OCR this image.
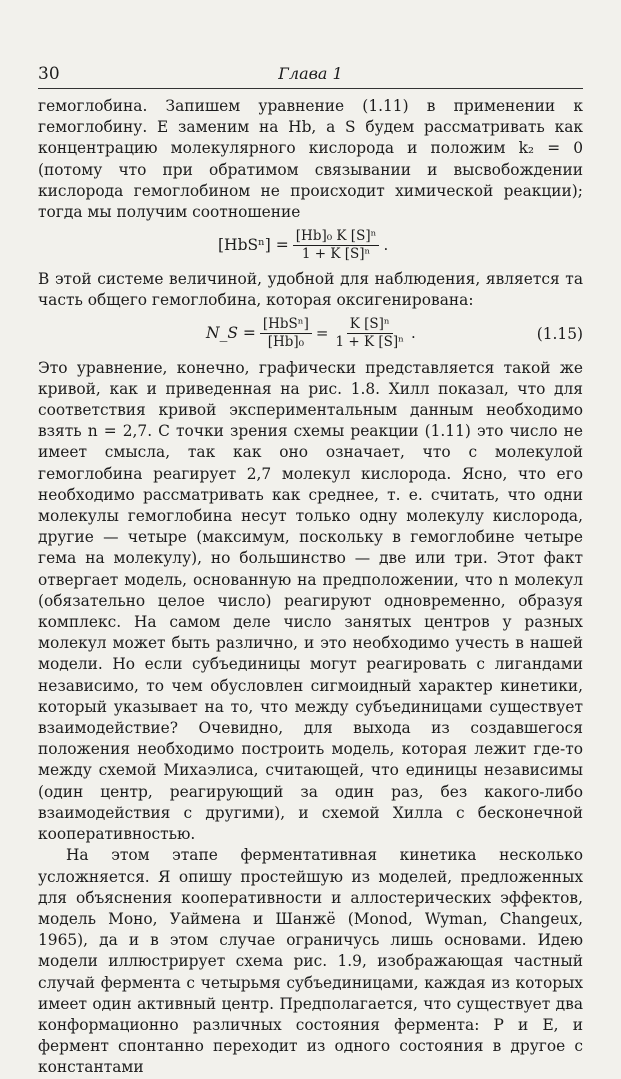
30	Глава 1

гемоглобина. Запишем уравнение (1.11) в применении к гемоглобину. E заменим на Hb, а S будем рассматривать как концентрацию молекулярного кислорода и положим k₂ = 0 (потому что при обратимом связывании и высвобождении кислорода гемоглобином не происходит химической реакции); тогда мы получим соотношение

$[HbS^n] = \frac{\text{[Hb]₀ K [S]ⁿ}}{\text{1 + K [S]ⁿ}}$ .

В этой системе величиной, удобной для наблюдения, является та часть общего гемоглобина, которая оксигенирована:

N_S = $\frac{\text{[HbSⁿ]}}{\text{[Hb]₀}} = \frac{\text{K [S]ⁿ}}{\text{1 + K [S]ⁿ}}$ .	(1.15)

Это уравнение, конечно, графически представляется такой же кривой, как и приведенная на рис. 1.8. Хилл показал, что для соответствия кривой экспериментальным данным необходимо взять n = 2,7. С точки зрения схемы реакции (1.11) это число не имеет смысла, так как оно означает, что с молекулой гемоглобина реагирует 2,7 молекул кислорода. Ясно, что его необходимо рассматривать как среднее, т. е. считать, что одни молекулы гемоглобина несут только одну молекулу кислорода, другие — четыре (максимум, поскольку в гемоглобине четыре гема на молекулу), но большинство — две или три. Этот факт отвергает модель, основанную на предположении, что n молекул (обязательно целое число) реагируют одновременно, образуя комплекс. На самом деле число занятых центров у разных молекул может быть различно, и это необходимо учесть в нашей модели. Но если субъединицы могут реагировать с лигандами независимо, то чем обусловлен сигмоидный характер кинетики, который указывает на то, что между субъединицами существует взаимодействие? Очевидно, для выхода из создавшегося положения необходимо построить модель, которая лежит где-то между схемой Михаэлиса, считающей, что единицы независимы (один центр, реагирующий за один раз, без какого-либо взаимодействия с другими), и схемой Хилла с бесконечной кооперативностью.

На этом этапе ферментативная кинетика несколько усложняется. Я опишу простейшую из моделей, предложенных для объяснения кооперативности и аллостерических эффектов, модель Моно, Уаймена и Шанжё (Monod, Wyman, Changeux, 1965), да и в этом случае ограничусь лишь основами. Идею модели иллюстрирует схема рис. 1.9, изображающая частный случай фермента с четырьмя субъединицами, каждая из которых имеет один активный центр. Предполагается, что существует два конформационно различных состояния фермента: P и E, и фермент спонтанно переходит из одного состояния в другое с константами
